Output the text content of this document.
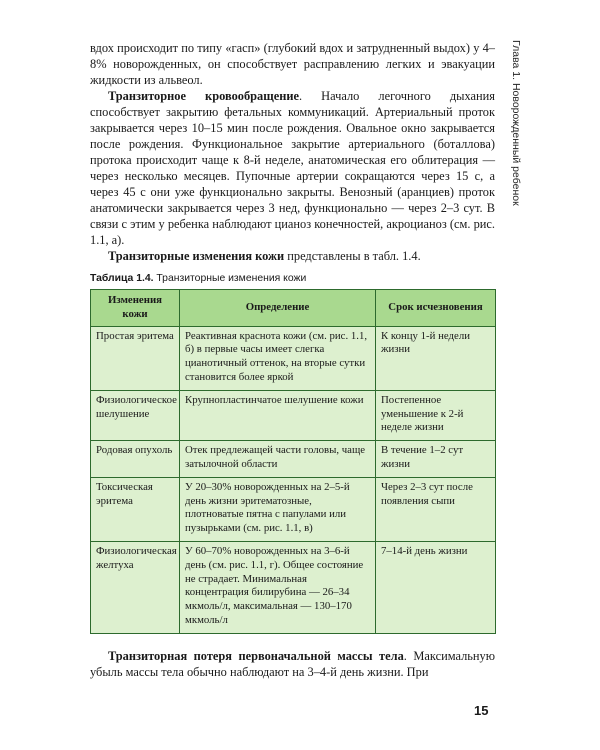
Глава 1. Новорожденный ребенок

вдох происходит по типу «гасп» (глубокий вдох и затрудненный выдох) у 4–8% новорожденных, он способствует расправлению легких и эвакуации жидкости из альвеол.

Транзиторное кровообращение. Начало легочного дыхания способствует закрытию фетальных коммуникаций. Артериальный проток закрывается через 10–15 мин после рождения. Овальное окно закрывается после рождения. Функциональное закрытие артериального (боталлова) протока происходит чаще к 8-й неделе, анатомическая его облитерация — через несколько месяцев. Пупочные артерии сокращаются через 15 с, а через 45 с они уже функционально закрыты. Венозный (аранциев) проток анатомически закрывается через 3 нед, функционально — через 2–3 сут. В связи с этим у ребенка наблюдают цианоз конечностей, акроцианоз (см. рис. 1.1, а).

Транзиторные изменения кожи представлены в табл. 1.4.

Таблица 1.4. Транзиторные изменения кожи
Изменения кожи	Определение	Срок исчезновения
Простая эритема	Реактивная краснота кожи (см. рис. 1.1, б) в первые часы имеет слегка цианотичный оттенок, на вторые сутки становится более яркой	К концу 1-й недели жизни
Физиологическое шелушение	Крупнопластинчатое шелушение кожи	Постепенное уменьшение к 2-й неделе жизни
Родовая опухоль	Отек предлежащей части головы, чаще затылочной области	В течение 1–2 сут жизни
Токсическая эритема	У 20–30% новорожденных на 2–5-й день жизни эритематозные, плотноватые пятна с папулами или пузырьками (см. рис. 1.1, в)	Через 2–3 сут после появления сыпи
Физиологическая желтуха	У 60–70% новорожденных на 3–6-й день (см. рис. 1.1, г). Общее состояние не страдает. Минимальная концентрация билирубина — 26–34 мкмоль/л, максимальная — 130–170 мкмоль/л	7–14-й день жизни

Транзиторная потеря первоначальной массы тела. Максимальную убыль массы тела обычно наблюдают на 3–4-й день жизни. При

15
